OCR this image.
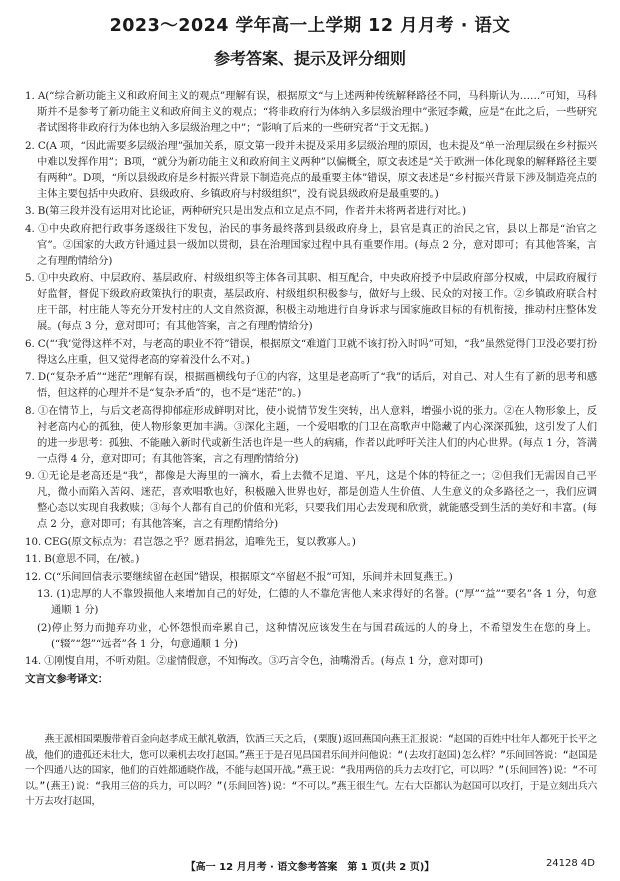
2023～2024 学年高一上学期 12 月月考 · 语文
参考答案、提示及评分细则

1. A(“综合新功能主义和政府间主义的观点”理解有误，根据原文“与上述两种传统解释路径不同，马科斯认为……”可知，马科斯并不是参考了新功能主义和政府间主义的观点；“将非政府行为体纳入多层级治理中”张冠李戴，应是“在此之后，一些研究者试图将非政府行为体也纳入多层级治理之中”；“影响了后来的一些研究者”于文无据。)

2. C(A 项，“因此需要多层级治理”强加关系，原文第一段并未提及采用多层级治理的原因，也未提及“单一治理层级在乡村振兴中难以发挥作用”；B项，“就分为新功能主义和政府间主义两种”以偏概全，原文表述是“关于欧洲一体化现象的解释路径主要有两种”。D项，“所以县级政府是乡村振兴背景下制造亮点的最重要主体”错误，原文表述是“乡村振兴背景下涉及制造亮点的主体主要包括中央政府、县级政府、乡镇政府与村级组织”，没有说县级政府是最重要的。)

3. B(第三段并没有运用对比论证，两种研究只是出发点和立足点不同，作者并未将两者进行对比。)

4. ①中央政府把行政事务逐级往下发包，治民的事务最终落到县级政府身上，县官是真正的治民之官，县以上都是“治官之官”。②国家的大政方针通过县一级加以贯彻，县在治理国家过程中具有重要作用。(每点 2 分，意对即可；有其他答案，言之有理酌情给分)

5. ①中央政府、中层政府、基层政府、村级组织等主体各司其职、相互配合，中央政府授予中层政府部分权威，中层政府履行好监督，督促下级政府政策执行的职责，基层政府、村级组织积极参与，做好与上级、民众的对接工作。②乡镇政府联合村庄干部，村庄能人等充分开发村庄的人文自然资源，积极主动地进行自身诉求与国家施政目标的有机衔接，推动村庄整体发展。(每点 3 分，意对即可；有其他答案，言之有理酌情给分)

6. C(“‘我’觉得这样不对，与老高的职业不符”错误，根据原文“难道门卫就不该打扮入时吗”可知，“我”虽然觉得门卫没必要打扮得这么庄重，但又觉得老高的穿着没什么不对。)

7. D(“复杂矛盾”“迷茫”理解有误，根据画横线句子①的内容，这里是老高听了“我”的话后，对自己、对人生有了新的思考和感悟，但这样的心理并不是“复杂矛盾”的，也不是“迷茫”的。)

8. ①在情节上，与后文老高得抑郁症形成鲜明对比，使小说情节发生突转，出人意料，增强小说的张力。②在人物形象上，反衬老高内心的孤独，使人物形象更加丰满。③深化主题，一个爱唱歌的门卫在高歌声中隐藏了内心深深孤独，这引发了人们的进一步思考：孤独、不能融入新时代或新生活也许是一些人的病痛，作者以此呼吁关注人们的内心世界。(每点 1 分，答满一点得 4 分，意对即可；有其他答案，言之有理酌情给分)

9. ①无论是老高还是“我”，都像是大海里的一滴水，看上去微不足道、平凡，这是个体的特征之一；②但我们无需因自己平凡，微小而陷入苦闷、迷茫，喜欢唱歌也好，积极融入世界也好，都是创造人生价值、人生意义的众多路径之一，我们应调整心态以实现自我救赎；③每个人都有自己的价值和光彩，只要我们用心去发现和欣赏，就能感受到生活的美好和丰富。(每点 2 分，意对即可；有其他答案，言之有理酌情给分)

10. CEG(原文标点为：君岂怨之乎？愿君捐忿，追唯先王，复以教寡人。)

11. B(意思不同，在/被。)

12. C(“乐间回信表示要继续留在赵国”错误，根据原文“卒留赵不报”可知，乐间并未回复燕王。)

13. (1)忠厚的人不靠毁损他人来增加自己的好处，仁德的人不靠危害他人来求得好的名誉。(“厚”“益”“要名”各 1 分，句意通顺 1 分)

(2)停止努力而抛弃功业，心怀怨恨而牵累自己，这种情况应该发生在与国君疏远的人的身上，不希望发生在您的身上。(“辍”“怨”“远者”各 1 分，句意通顺 1 分)

14. ①刚愎自用，不听劝阻。②虚情假意，不知悔改。③巧言令色，油嘴滑舌。(每点 1 分，意对即可)

文言文参考译文：
燕王派相国栗腹带着百金向赵孝成王献礼敬酒，饮酒三天之后，(栗腹)返回燕国向燕王汇报说：“赵国的百姓中壮年人都死于长平之战，他们的遗孤还未壮大，您可以乘机去攻打赵国。”燕王于是召见昌国君乐间并问他说：“(去攻打赵国)怎么样？”乐间回答说：“赵国是一个四通八达的国家，他们的百姓都通晓作战，不能与赵国开战。”燕王说：“我用两倍的兵力去攻打它，可以吗？”(乐间回答)说：“不可以。”(燕王)说：“我用三倍的兵力，可以吗？”(乐间回答)说：“不可以。”燕王很生气。左右大臣都认为赵国可以攻打，于是立刻出兵六十万去攻打赵国，
【高一 12 月月考 · 语文参考答案　第 1 页(共 2 页)】	24128 4D
